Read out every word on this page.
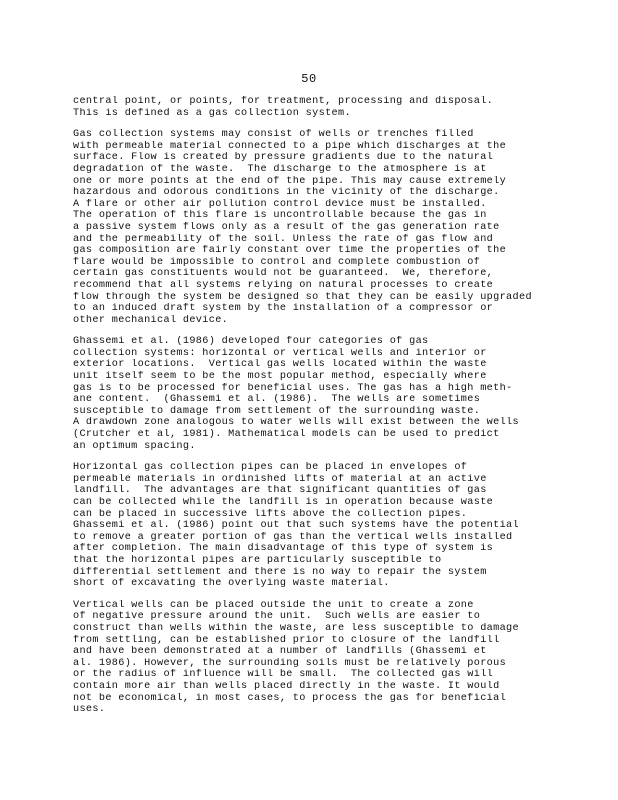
50
central point, or points, for treatment, processing and disposal.
This is defined as a gas collection system.
Gas collection systems may consist of wells or trenches filled
with permeable material connected to a pipe which discharges at the
surface. Flow is created by pressure gradients due to the natural
degradation of the waste.  The discharge to the atmosphere is at
one or more points at the end of the pipe. This may cause extremely
hazardous and odorous conditions in the vicinity of the discharge.
A flare or other air pollution control device must be installed.
The operation of this flare is uncontrollable because the gas in
a passive system flows only as a result of the gas generation rate
and the permeability of the soil. Unless the rate of gas flow and
gas composition are fairly constant over time the properties of the
flare would be impossible to control and complete combustion of
certain gas constituents would not be guaranteed.  We, therefore,
recommend that all systems relying on natural processes to create
flow through the system be designed so that they can be easily upgraded
to an induced draft system by the installation of a compressor or
other mechanical device.
Ghassemi et al. (1986) developed four categories of gas
collection systems: horizontal or vertical wells and interior or
exterior locations.  Vertical gas wells located within the waste
unit itself seem to be the most popular method, especially where
gas is to be processed for beneficial uses. The gas has a high meth-
ane content.  (Ghassemi et al. (1986).  The wells are sometimes
susceptible to damage from settlement of the surrounding waste.
A drawdown zone analogous to water wells will exist between the wells
(Crutcher et al, 1981). Mathematical models can be used to predict
an optimum spacing.
Horizontal gas collection pipes can be placed in envelopes of
permeable materials in ordinished lifts of material at an active
landfill.  The advantages are that significant quantities of gas
can be collected while the landfill is in operation because waste
can be placed in successive lifts above the collection pipes.
Ghassemi et al. (1986) point out that such systems have the potential
to remove a greater portion of gas than the vertical wells installed
after completion. The main disadvantage of this type of system is
that the horizontal pipes are particularly susceptible to
differential settlement and there is no way to repair the system
short of excavating the overlying waste material.
Vertical wells can be placed outside the unit to create a zone
of negative pressure around the unit.  Such wells are easier to
construct than wells within the waste, are less susceptible to damage
from settling, can be established prior to closure of the landfill
and have been demonstrated at a number of landfills (Ghassemi et
al. 1986). However, the surrounding soils must be relatively porous
or the radius of influence will be small.  The collected gas will
contain more air than wells placed directly in the waste. It would
not be economical, in most cases, to process the gas for beneficial
uses.
